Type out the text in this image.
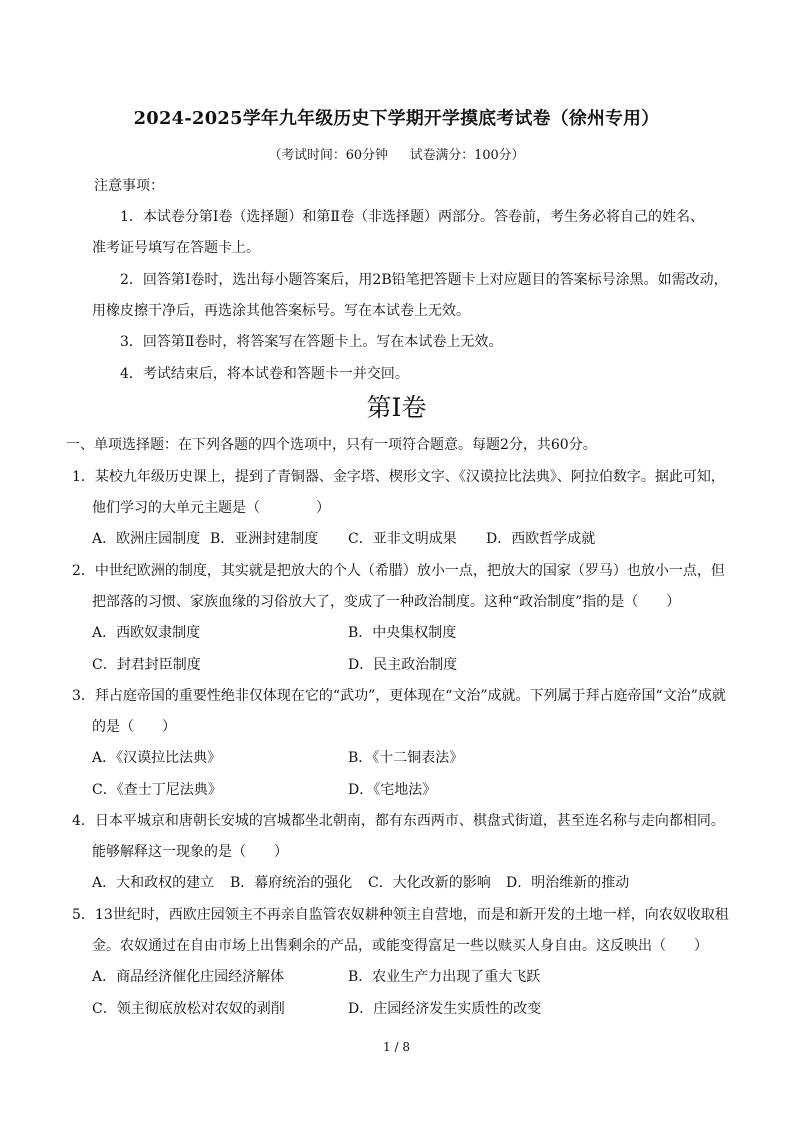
2024-2025学年九年级历史下学期开学摸底考试卷（徐州专用）
（考试时间：60分钟 试卷满分：100分）
注意事项：
1．本试卷分第Ⅰ卷（选择题）和第Ⅱ卷（非选择题）两部分。答卷前，考生务必将自己的姓名、
准考证号填写在答题卡上。
2．回答第Ⅰ卷时，选出每小题答案后，用2B铅笔把答题卡上对应题目的答案标号涂黑。如需改动，
用橡皮擦干净后，再选涂其他答案标号。写在本试卷上无效。
3．回答第Ⅱ卷时，将答案写在答题卡上。写在本试卷上无效。
4．考试结束后，将本试卷和答题卡一并交回。
第Ⅰ卷
一、单项选择题：在下列各题的四个选项中，只有一项符合题意。每题2分，共60分。
1．某校九年级历史课上，提到了青铜器、金字塔、楔形文字、《汉谟拉比法典》、阿拉伯数字。据此可知，
他们学习的大单元主题是（　　　　）
A．欧洲庄园制度 B．亚洲封建制度 C．亚非文明成果 D．西欧哲学成就
2．中世纪欧洲的制度，其实就是把放大的个人（希腊）放小一点，把放大的国家（罗马）也放小一点，但
把部落的习惯、家族血缘的习俗放大了，变成了一种政治制度。这种“政治制度”指的是（　　）
A．西欧奴隶制度	B．中央集权制度
C．封君封臣制度	D．民主政治制度
3．拜占庭帝国的重要性绝非仅体现在它的“武功”，更体现在“文治”成就。下列属于拜占庭帝国“文治”成就
的是（　　）
A．《汉谟拉比法典》	B．《十二铜表法》
C．《查士丁尼法典》	D．《宅地法》
4．日本平城京和唐朝长安城的宫城都坐北朝南，都有东西两市、棋盘式街道，甚至连名称与走向都相同。
能够解释这一现象的是（　　）
A．大和政权的建立 B．幕府统治的强化 C．大化改新的影响 D．明治维新的推动
5．13世纪时，西欧庄园领主不再亲自监管农奴耕种领主自营地，而是和新开发的土地一样，向农奴收取租
金。农奴通过在自由市场上出售剩余的产品，或能变得富足一些以赎买人身自由。这反映出（　　）
A．商品经济催化庄园经济解体	B．农业生产力出现了重大飞跃
C．领主彻底放松对农奴的剥削	D．庄园经济发生实质性的改变
1 / 8
